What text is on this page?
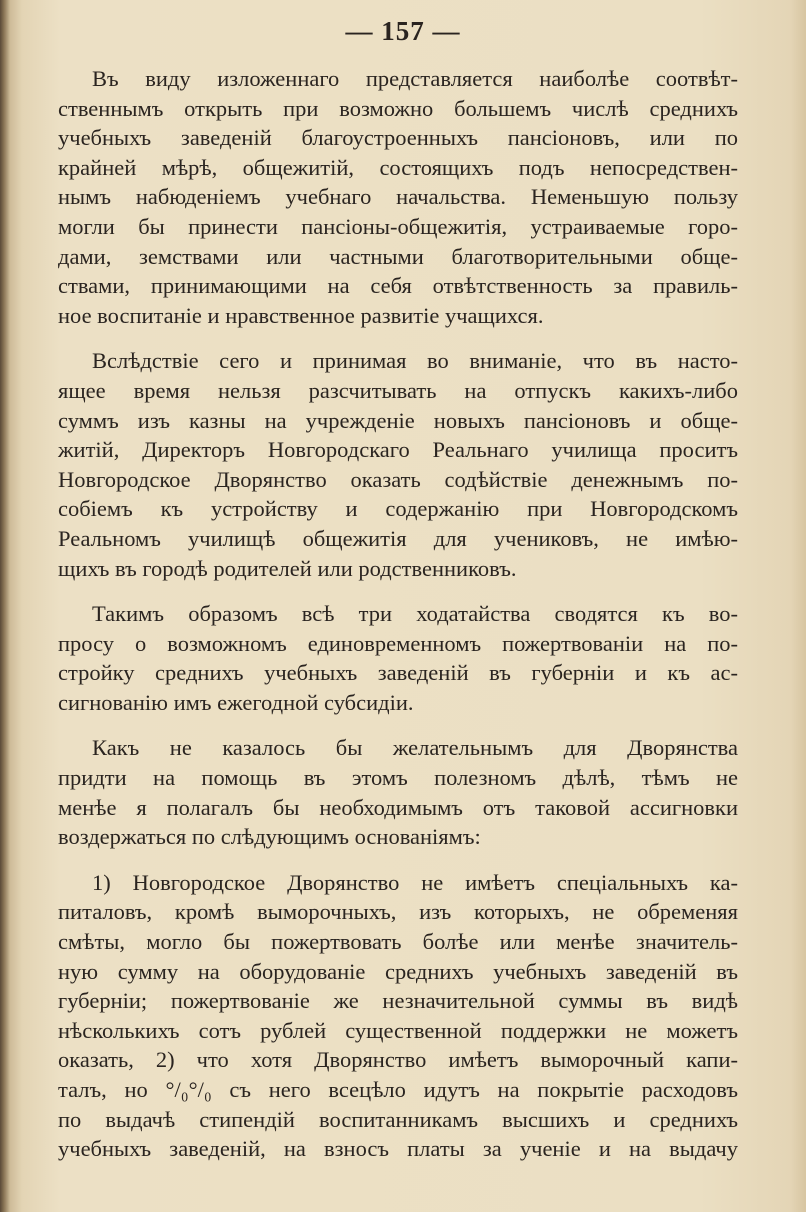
— 157 —
Въ виду изложеннаго представляется наиболѣе соотвѣт-
ственнымъ открыть при возможно большемъ числѣ среднихъ
учебныхъ заведеній благоустроенныхъ пансіоновъ, или по
крайней мѣрѣ, общежитій, состоящихъ подъ непосредствен-
нымъ набюденіемъ учебнаго начальства. Неменьшую пользу
могли бы принести пансіоны-общежитія, устраиваемые горо-
дами, земствами или частными благотворительными обще-
ствами, принимающими на себя отвѣтственность за правиль-
ное воспитаніе и нравственное развитіе учащихся.
Вслѣдствіе сего и принимая во вниманіе, что въ насто-
ящее время нельзя разсчитывать на отпускъ какихъ-либо
суммъ изъ казны на учрежденіе новыхъ пансіоновъ и обще-
житій, Директоръ Новгородскаго Реальнаго училища проситъ
Новгородское Дворянство оказать содѣйствіе денежнымъ по-
собіемъ къ устройству и содержанію при Новгородскомъ
Реальномъ училищѣ общежитія для учениковъ, не имѣю-
щихъ въ городѣ родителей или родственниковъ.
Такимъ образомъ всѣ три ходатайства сводятся къ во-
просу о возможномъ единовременномъ пожертвованіи на по-
стройку среднихъ учебныхъ заведеній въ губерніи и къ ас-
сигнованію имъ ежегодной субсидіи.
Какъ не казалось бы желательнымъ для Дворянства
придти на помощь въ этомъ полезномъ дѣлѣ, тѣмъ не
менѣе я полагалъ бы необходимымъ отъ таковой ассигновки
воздержаться по слѣдующимъ основаніямъ:
1) Новгородское Дворянство не имѣетъ спеціальныхъ ка-
питаловъ, кромѣ выморочныхъ, изъ которыхъ, не обременяя
смѣты, могло бы пожертвовать болѣе или менѣе значитель-
ную сумму на оборудованіе среднихъ учебныхъ заведеній въ
губерніи; пожертвованіе же незначительной суммы въ видѣ
нѣсколькихъ сотъ рублей существенной поддержки не можетъ
оказать, 2) что хотя Дворянство имѣетъ выморочный капи-
талъ, но °/₀°/₀ съ него всецѣло идутъ на покрытіе расходовъ
по выдачѣ стипендій воспитанникамъ высшихъ и среднихъ
учебныхъ заведеній, на взносъ платы за ученіе и на выдачу
